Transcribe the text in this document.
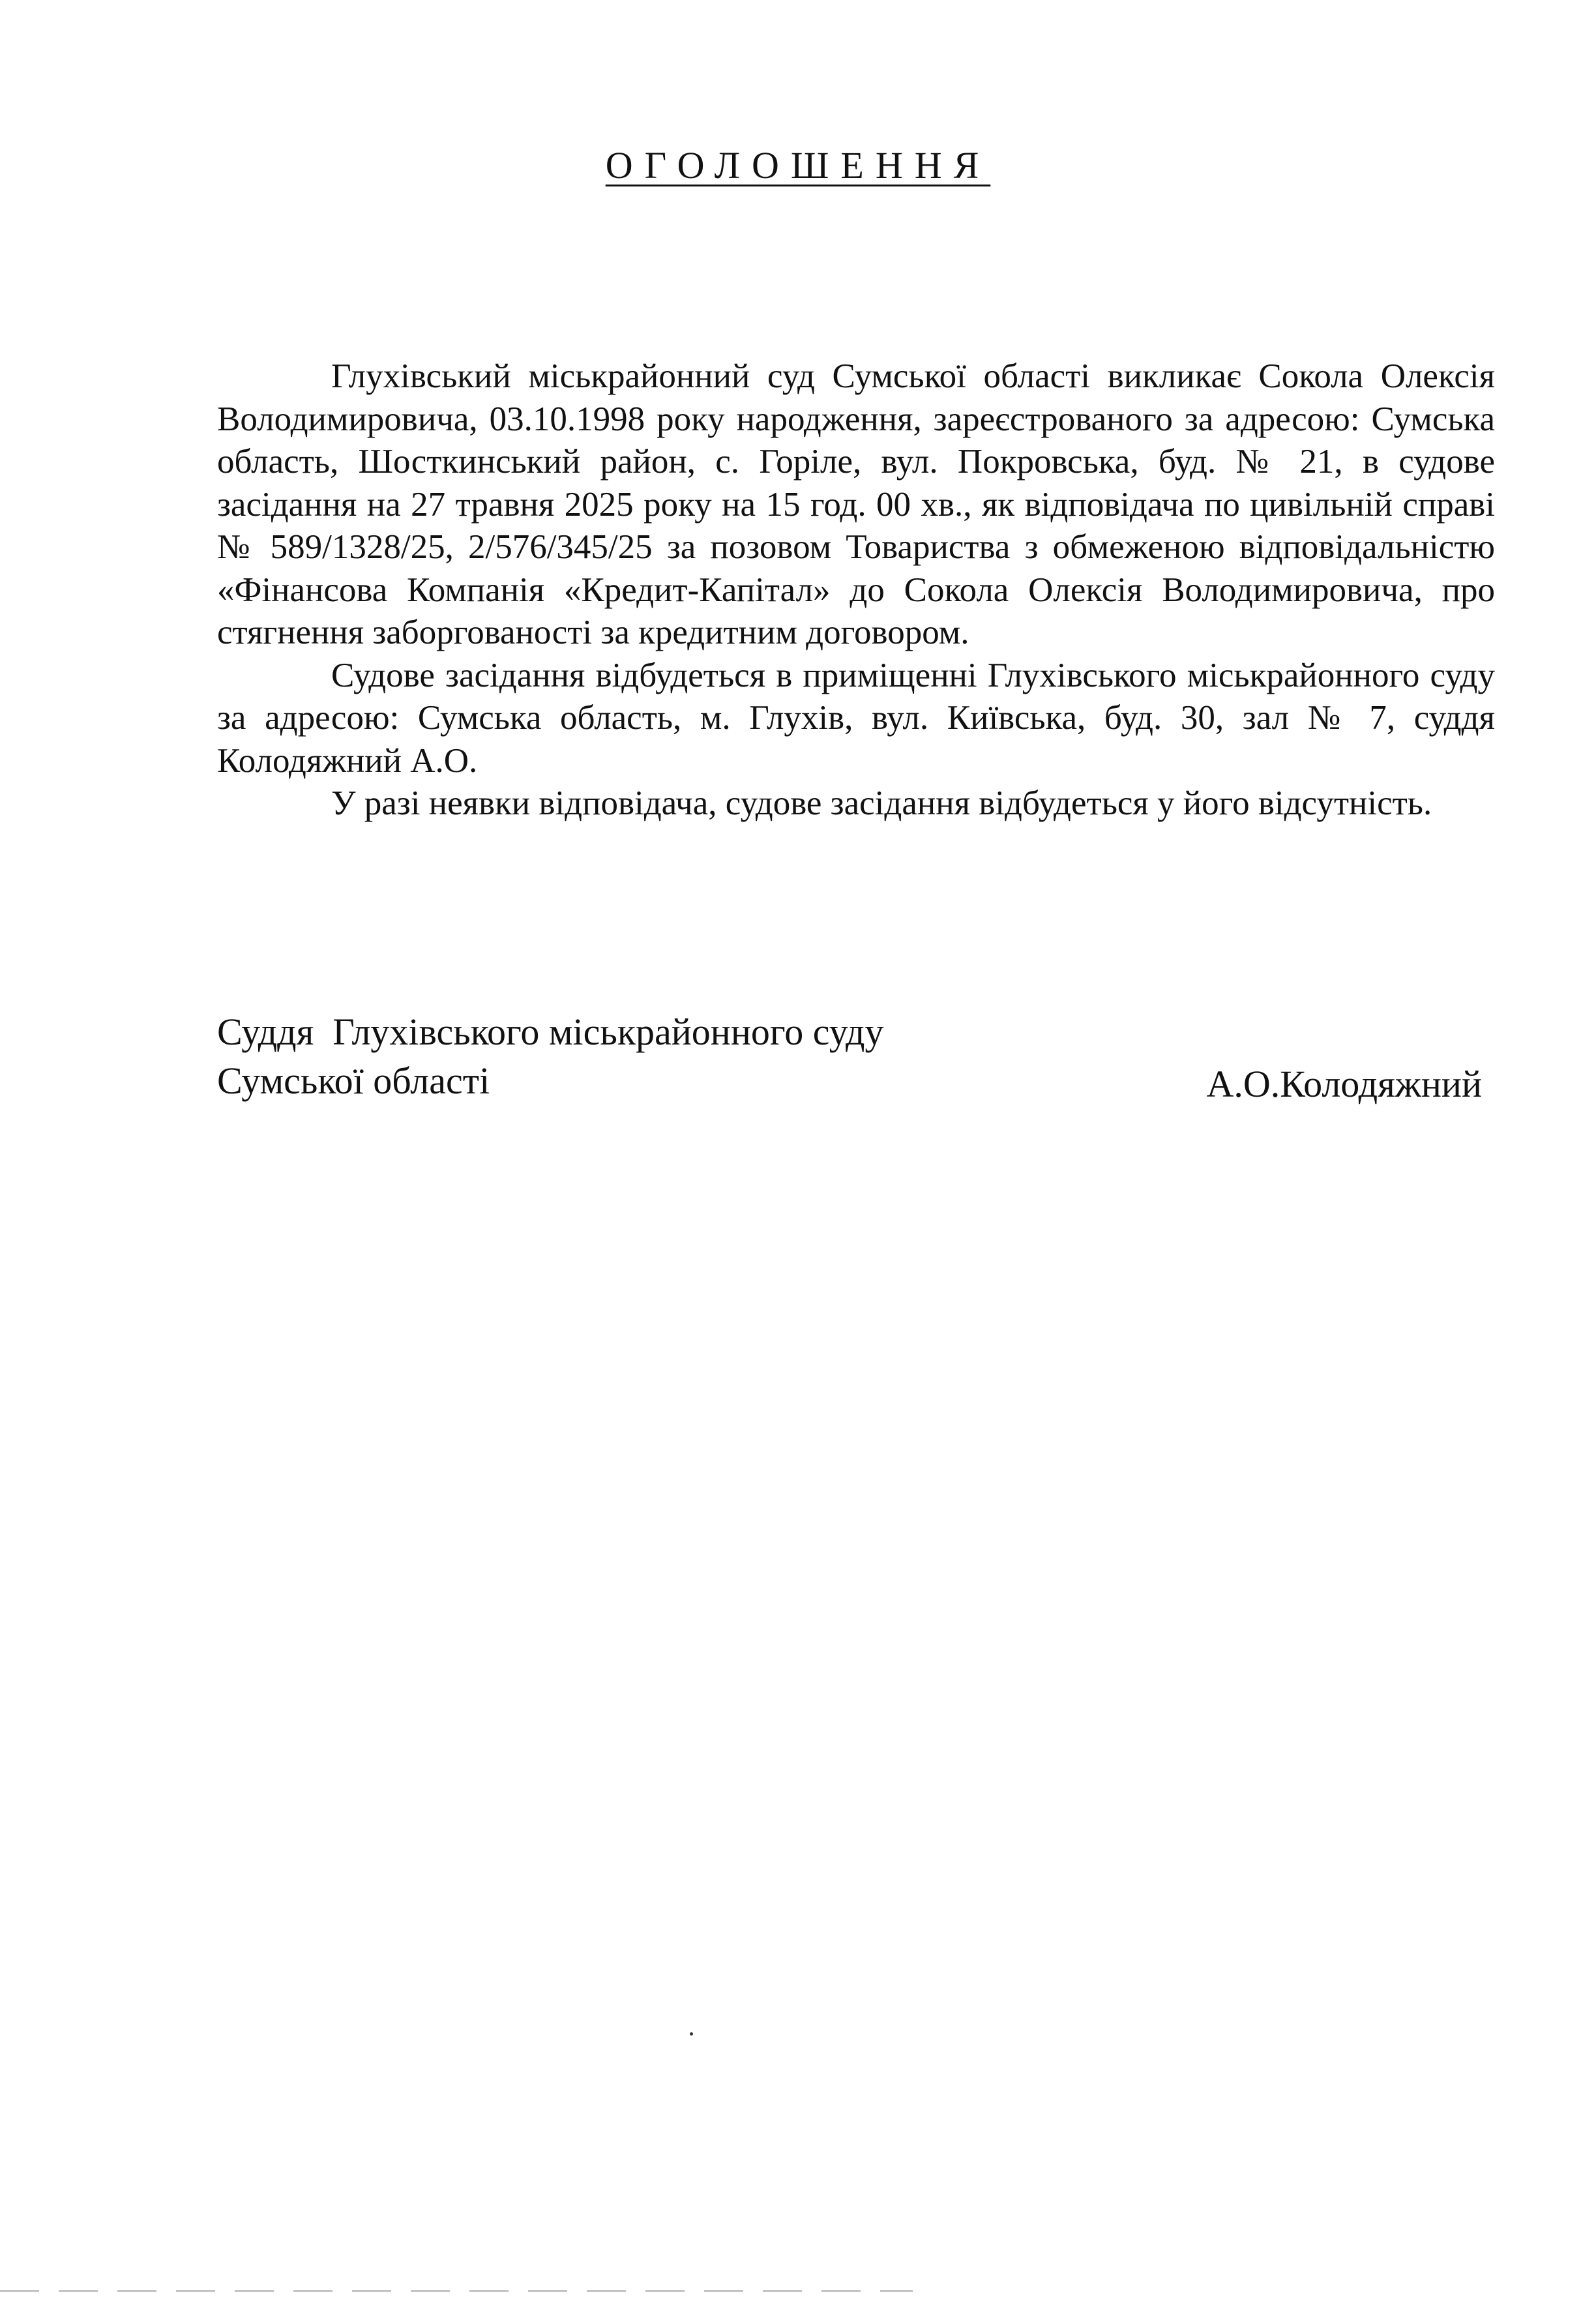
ОГОЛОШЕННЯ

Глухівський міськрайонний суд Сумської області викликає Сокола Олексія Володимировича, 03.10.1998 року народження, зареєстрованого за адресою: Сумська область, Шосткинський район, с. Горіле, вул. Покровська, буд. № 21, в судове засідання на 27 травня 2025 року на 15 год. 00 хв., як відповідача по цивільній справі № 589/1328/25, 2/576/345/25 за позовом Товариства з обмеженою відповідальністю «Фінансова Компанія «Кредит-Капітал» до Сокола Олексія Володимировича, про стягнення заборгованості за кредитним договором.

Судове засідання відбудеться в приміщенні Глухівського міськрайонного суду за адресою: Сумська область, м. Глухів, вул. Київська, буд. 30, зал № 7, суддя Колодяжний А.О.

У разі неявки відповідача, судове засідання відбудеться у його відсутність.

Суддя  Глухівського міськрайонного суду
Сумської області	А.О.Колодяжний
